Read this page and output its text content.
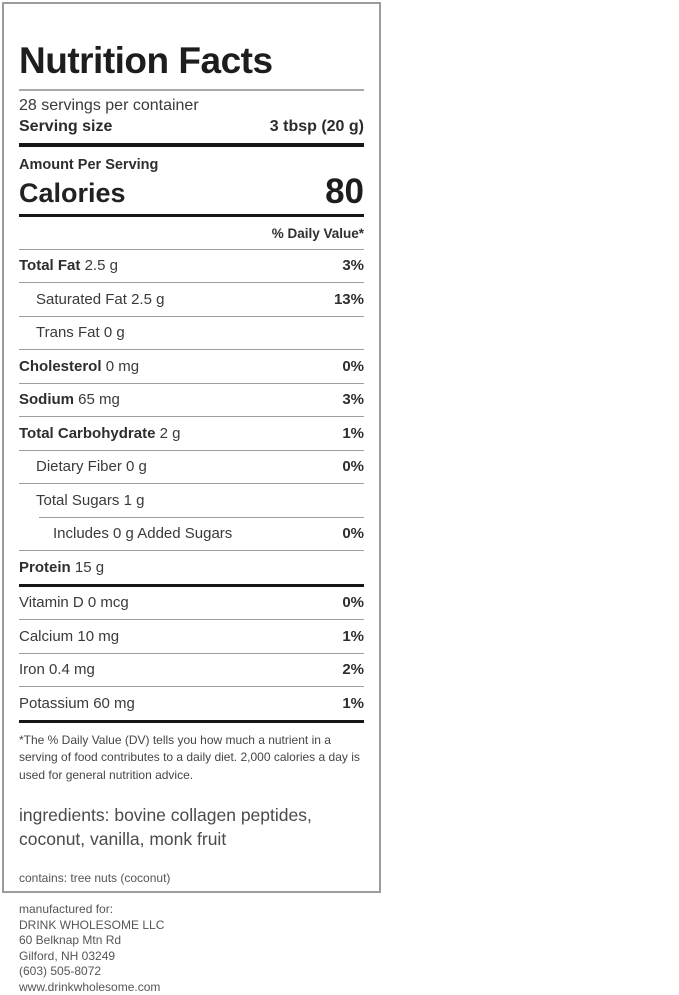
Nutrition Facts
28 servings per container
Serving size	3 tbsp (20 g)
Amount Per Serving
Calories	80
% Daily Value*
Total Fat 2.5 g	3%
Saturated Fat 2.5 g	13%
Trans Fat 0 g
Cholesterol 0 mg	0%
Sodium 65 mg	3%
Total Carbohydrate 2 g	1%
Dietary Fiber 0 g	0%
Total Sugars 1 g
Includes 0 g Added Sugars	0%
Protein 15 g
Vitamin D 0 mcg	0%
Calcium 10 mg	1%
Iron 0.4 mg	2%
Potassium 60 mg	1%

*The % Daily Value (DV) tells you how much a nutrient in a serving of food contributes to a daily diet. 2,000 calories a day is used for general nutrition advice.

ingredients: bovine collagen peptides, coconut, vanilla, monk fruit

contains: tree nuts (coconut)

manufactured for:
DRINK WHOLESOME LLC
60 Belknap Mtn Rd
Gilford, NH 03249
(603) 505-8072
www.drinkwholesome.com
